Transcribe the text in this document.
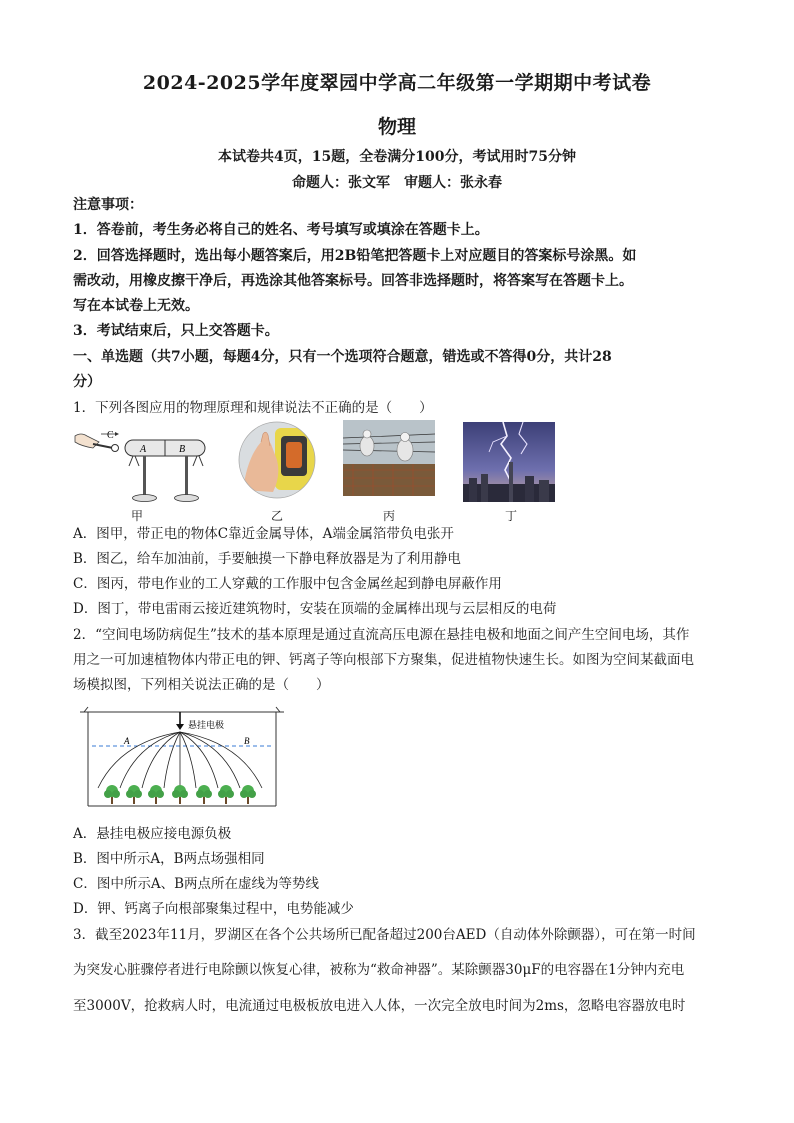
2024-2025学年度翠园中学高二年级第一学期期中考试卷
物理
本试卷共4页，15题，全卷满分100分，考试用时75分钟
命题人：张文军 审题人：张永春
注意事项：
1．答卷前，考生务必将自己的姓名、考号填写或填涂在答题卡上。
2．回答选择题时，选出每小题答案后，用2B铅笔把答题卡上对应题目的答案标号涂黑。如
需改动，用橡皮擦干净后，再选涂其他答案标号。回答非选择题时，将答案写在答题卡上。
写在本试卷上无效。
3．考试结束后，只上交答题卡。
一、单选题（共7小题，每题4分，只有一个选项符合题意，错选或不答得0分，共计28
分）
1．下列各图应用的物理原理和规律说法不正确的是（　　）
C
A	B
甲	乙	丙	丁
A．图甲，带正电的物体C靠近金属导体，A端金属箔带负电张开
B．图乙，给车加油前，手要触摸一下静电释放器是为了利用静电
C．图丙，带电作业的工人穿戴的工作服中包含金属丝起到静电屏蔽作用
D．图丁，带电雷雨云接近建筑物时，安装在顶端的金属棒出现与云层相反的电荷
2．“空间电场防病促生”技术的基本原理是通过直流高压电源在悬挂电极和地面之间产生空间电场，其作
用之一可加速植物体内带正电的钾、钙离子等向根部下方聚集，促进植物快速生长。如图为空间某截面电
场模拟图，下列相关说法正确的是（　　）
悬挂电极
A	B
A．悬挂电极应接电源负极
B．图中所示A，B两点场强相同
C．图中所示A、B两点所在虚线为等势线
D．钾、钙离子向根部聚集过程中，电势能减少
3．截至2023年11月，罗湖区在各个公共场所已配备超过200台AED（自动体外除颤器），可在第一时间
为突发心脏骤停者进行电除颤以恢复心律，被称为“救命神器”。某除颤器30μF的电容器在1分钟内充电
至3000V，抢救病人时，电流通过电极板放电进入人体，一次完全放电时间为2ms，忽略电容器放电时
